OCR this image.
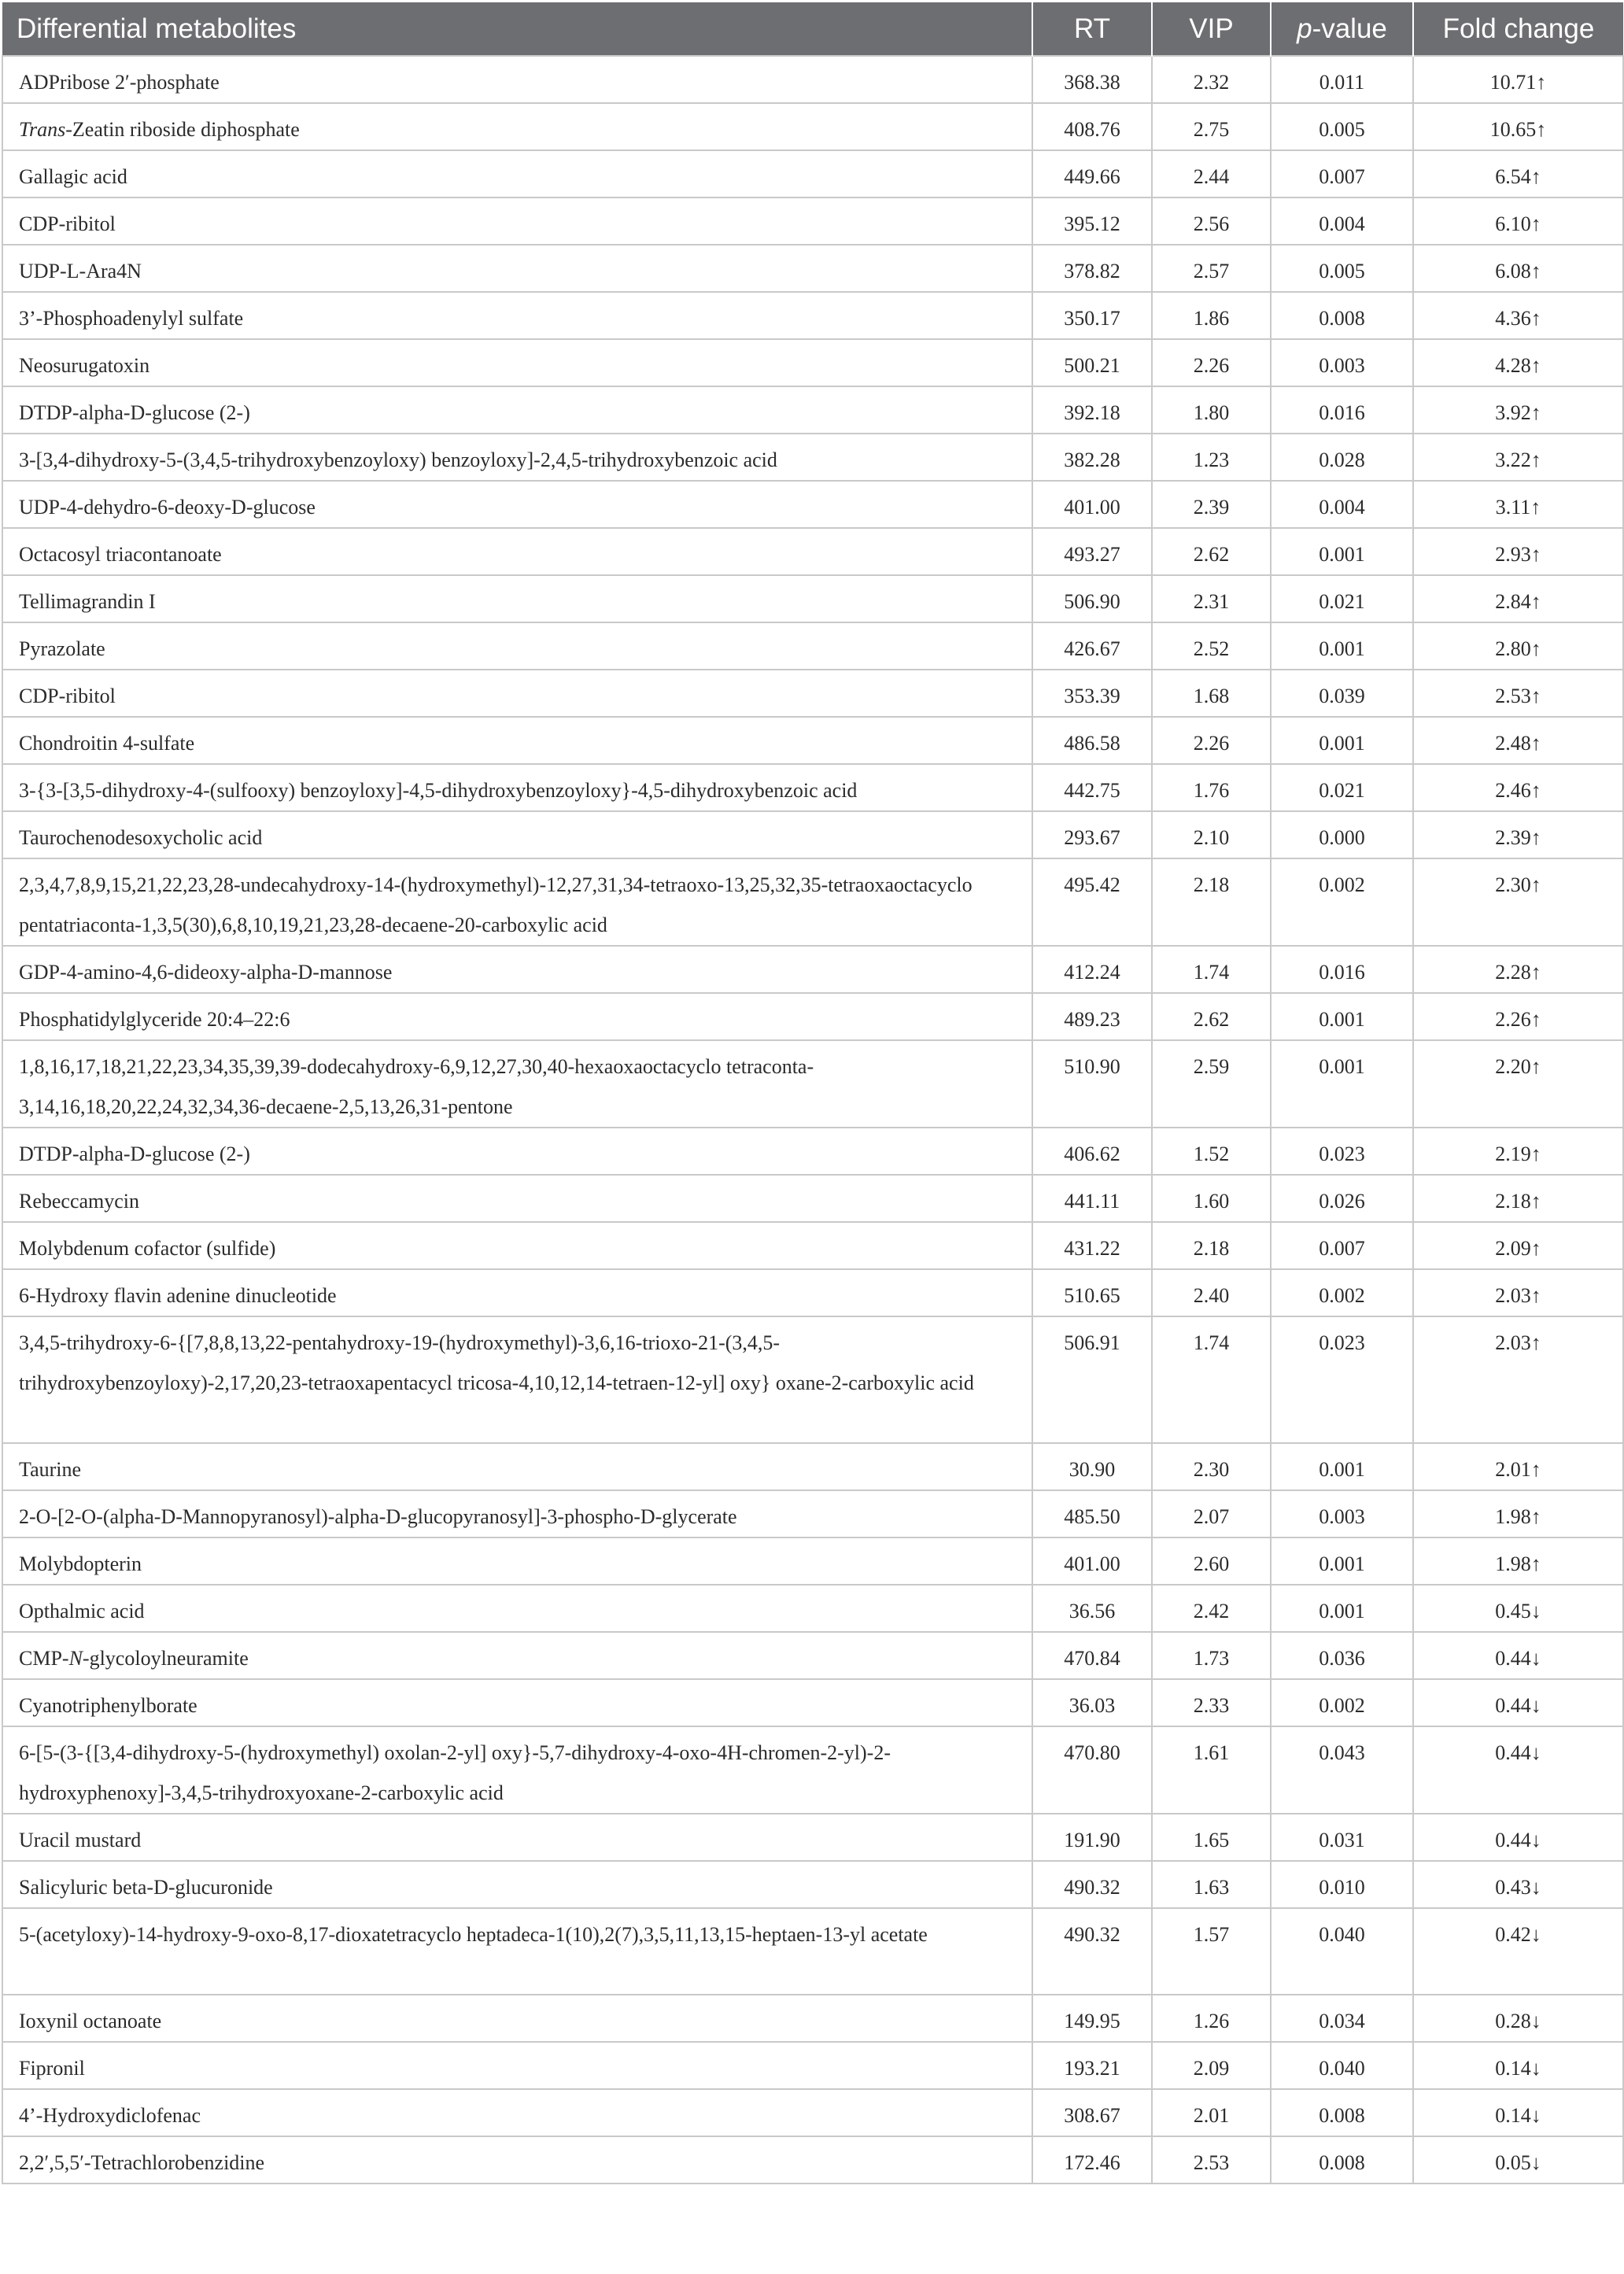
Differential metabolites	RT	VIP	p-value	Fold change
ADPribose 2′-phosphate	368.38	2.32	0.011	10.71↑
Trans-Zeatin riboside diphosphate	408.76	2.75	0.005	10.65↑
Gallagic acid	449.66	2.44	0.007	6.54↑
CDP-ribitol	395.12	2.56	0.004	6.10↑
UDP-L-Ara4N	378.82	2.57	0.005	6.08↑
3’-Phosphoadenylyl sulfate	350.17	1.86	0.008	4.36↑
Neosurugatoxin	500.21	2.26	0.003	4.28↑
DTDP-alpha-D-glucose (2-)	392.18	1.80	0.016	3.92↑
3-[3,4-dihydroxy-5-(3,4,5-trihydroxybenzoyloxy) benzoyloxy]-2,4,5-trihydroxybenzoic acid	382.28	1.23	0.028	3.22↑
UDP-4-dehydro-6-deoxy-D-glucose	401.00	2.39	0.004	3.11↑
Octacosyl triacontanoate	493.27	2.62	0.001	2.93↑
Tellimagrandin I	506.90	2.31	0.021	2.84↑
Pyrazolate	426.67	2.52	0.001	2.80↑
CDP-ribitol	353.39	1.68	0.039	2.53↑
Chondroitin 4-sulfate	486.58	2.26	0.001	2.48↑
3-{3-[3,5-dihydroxy-4-(sulfooxy) benzoyloxy]-4,5-dihydroxybenzoyloxy}-4,5-dihydroxybenzoic acid	442.75	1.76	0.021	2.46↑
Taurochenodesoxycholic acid	293.67	2.10	0.000	2.39↑
2,3,4,7,8,9,15,21,22,23,28-undecahydroxy-14-(hydroxymethyl)-12,27,31,34-tetraoxo-13,25,32,35-tetraoxaoctacyclo pentatriaconta-1,3,5(30),6,8,10,19,21,23,28-decaene-20-carboxylic acid	495.42	2.18	0.002	2.30↑
GDP-4-amino-4,6-dideoxy-alpha-D-mannose	412.24	1.74	0.016	2.28↑
Phosphatidylglyceride 20:4–22:6	489.23	2.62	0.001	2.26↑
1,8,16,17,18,21,22,23,34,35,39,39-dodecahydroxy-6,9,12,27,30,40-hexaoxaoctacyclo tetraconta-3,14,16,18,20,22,24,32,34,36-decaene-2,5,13,26,31-pentone	510.90	2.59	0.001	2.20↑
DTDP-alpha-D-glucose (2-)	406.62	1.52	0.023	2.19↑
Rebeccamycin	441.11	1.60	0.026	2.18↑
Molybdenum cofactor (sulfide)	431.22	2.18	0.007	2.09↑
6-Hydroxy flavin adenine dinucleotide	510.65	2.40	0.002	2.03↑
3,4,5-trihydroxy-6-{[7,8,8,13,22-pentahydroxy-19-(hydroxymethyl)-3,6,16-trioxo-21-(3,4,5-trihydroxybenzoyloxy)-2,17,20,23-tetraoxapentacycl tricosa-4,10,12,14-tetraen-12-yl] oxy} oxane-2-carboxylic acid	506.91	1.74	0.023	2.03↑
Taurine	30.90	2.30	0.001	2.01↑
2-O-[2-O-(alpha-D-Mannopyranosyl)-alpha-D-glucopyranosyl]-3-phospho-D-glycerate	485.50	2.07	0.003	1.98↑
Molybdopterin	401.00	2.60	0.001	1.98↑
Opthalmic acid	36.56	2.42	0.001	0.45↓
CMP-N-glycoloylneuramite	470.84	1.73	0.036	0.44↓
Cyanotriphenylborate	36.03	2.33	0.002	0.44↓
6-[5-(3-{[3,4-dihydroxy-5-(hydroxymethyl) oxolan-2-yl] oxy}-5,7-dihydroxy-4-oxo-4H-chromen-2-yl)-2-hydroxyphenoxy]-3,4,5-trihydroxyoxane-2-carboxylic acid	470.80	1.61	0.043	0.44↓
Uracil mustard	191.90	1.65	0.031	0.44↓
Salicyluric beta-D-glucuronide	490.32	1.63	0.010	0.43↓
5-(acetyloxy)-14-hydroxy-9-oxo-8,17-dioxatetracyclo heptadeca-1(10),2(7),3,5,11,13,15-heptaen-13-yl acetate	490.32	1.57	0.040	0.42↓
Ioxynil octanoate	149.95	1.26	0.034	0.28↓
Fipronil	193.21	2.09	0.040	0.14↓
4’-Hydroxydiclofenac	308.67	2.01	0.008	0.14↓
2,2′,5,5′-Tetrachlorobenzidine	172.46	2.53	0.008	0.05↓
